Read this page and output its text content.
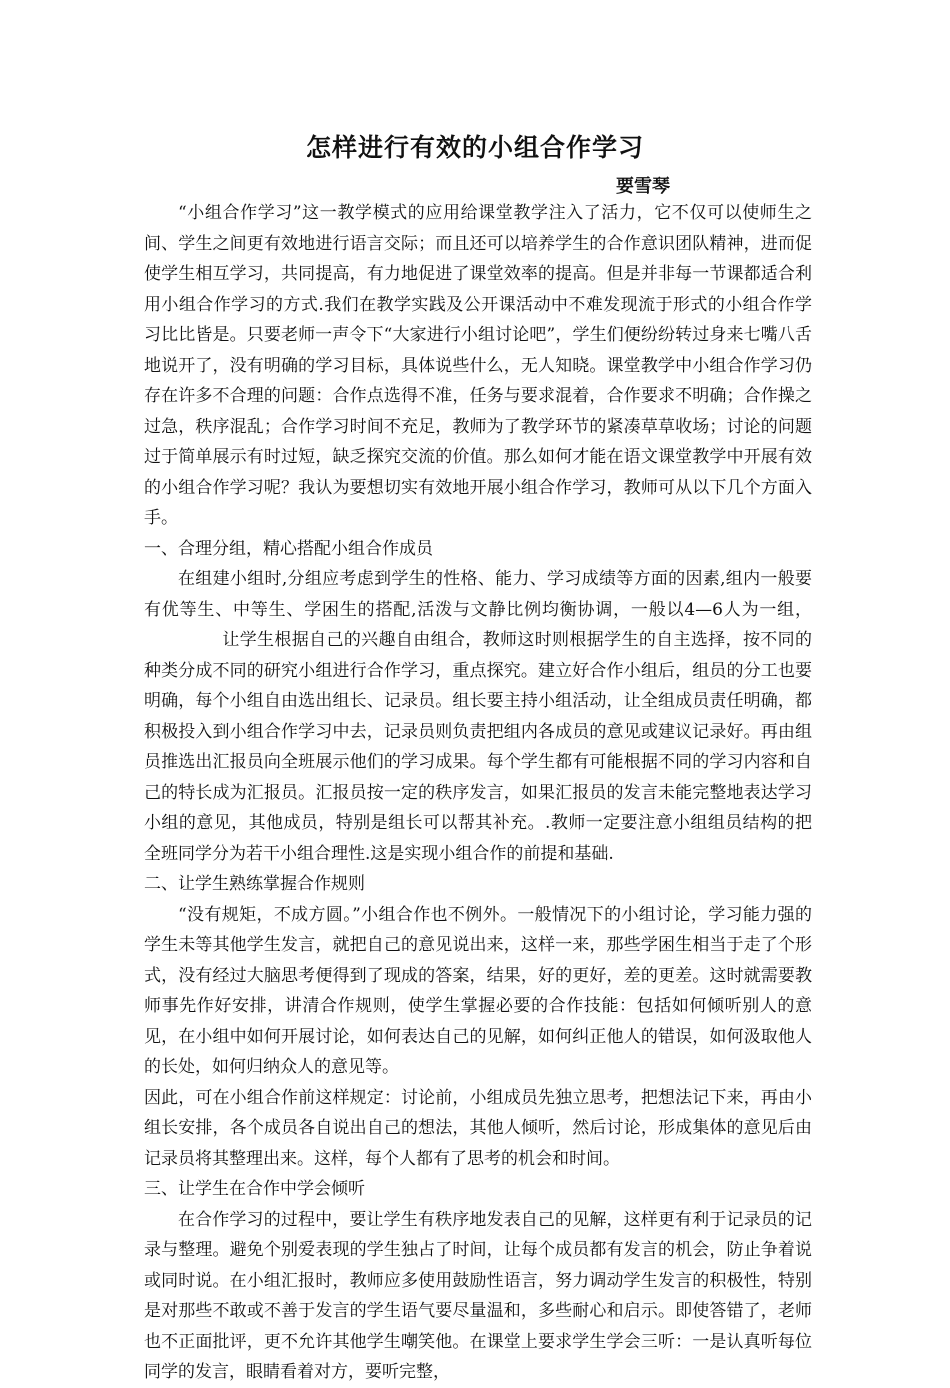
怎样进行有效的小组合作学习
要雪琴

“小组合作学习”这一教学模式的应用给课堂教学注入了活力，它不仅可以使师生之间、学生之间更有效地进行语言交际；而且还可以培养学生的合作意识团队精神，进而促使学生相互学习，共同提高，有力地促进了课堂效率的提高。但是并非每一节课都适合利用小组合作学习的方式.我们在教学实践及公开课活动中不难发现流于形式的小组合作学习比比皆是。只要老师一声令下“大家进行小组讨论吧”，学生们便纷纷转过身来七嘴八舌地说开了，没有明确的学习目标，具体说些什么，无人知晓。课堂教学中小组合作学习仍存在许多不合理的问题：合作点选得不准，任务与要求混着，合作要求不明确；合作操之过急，秩序混乱；合作学习时间不充足，教师为了教学环节的紧凑草草收场；讨论的问题过于简单展示有时过短，缺乏探究交流的价值。那么如何才能在语文课堂教学中开展有效的小组合作学习呢？我认为要想切实有效地开展小组合作学习，教师可从以下几个方面入手。

一、合理分组，精心搭配小组合作成员

在组建小组时,分组应考虑到学生的性格、能力、学习成绩等方面的因素,组内一般要有优等生、中等生、学困生的搭配,活泼与文静比例均衡协调，一般以4—6人为一组，让学生根据自己的兴趣自由组合，教师这时则根据学生的自主选择，按不同的种类分成不同的研究小组进行合作学习，重点探究。建立好合作小组后，组员的分工也要明确，每个小组自由选出组长、记录员。组长要主持小组活动，让全组成员责任明确，都积极投入到小组合作学习中去，记录员则负责把组内各成员的意见或建议记录好。再由组员推选出汇报员向全班展示他们的学习成果。每个学生都有可能根据不同的学习内容和自己的特长成为汇报员。汇报员按一定的秩序发言，如果汇报员的发言未能完整地表达学习小组的意见，其他成员，特别是组长可以帮其补充。.教师一定要注意小组组员结构的把全班同学分为若干小组合理性.这是实现小组合作的前提和基础.

二、让学生熟练掌握合作规则

“没有规矩，不成方圆。”小组合作也不例外。一般情况下的小组讨论，学习能力强的学生未等其他学生发言，就把自己的意见说出来，这样一来，那些学困生相当于走了个形式，没有经过大脑思考便得到了现成的答案，结果，好的更好，差的更差。这时就需要教师事先作好安排，讲清合作规则，使学生掌握必要的合作技能：包括如何倾听别人的意见，在小组中如何开展讨论，如何表达自己的见解，如何纠正他人的错误，如何汲取他人的长处，如何归纳众人的意见等。

因此，可在小组合作前这样规定：讨论前，小组成员先独立思考，把想法记下来，再由小组长安排，各个成员各自说出自己的想法，其他人倾听，然后讨论，形成集体的意见后由记录员将其整理出来。这样，每个人都有了思考的机会和时间。

三、让学生在合作中学会倾听

在合作学习的过程中，要让学生有秩序地发表自己的见解，这样更有利于记录员的记录与整理。避免个别爱表现的学生独占了时间，让每个成员都有发言的机会，防止争着说或同时说。在小组汇报时，教师应多使用鼓励性语言，努力调动学生发言的积极性，特别是对那些不敢或不善于发言的学生语气要尽量温和，多些耐心和启示。即使答错了，老师也不正面批评，更不允许其他学生嘲笑他。在课堂上要求学生学会三听：一是认真听每位同学的发言，眼睛看着对方，要听完整，
